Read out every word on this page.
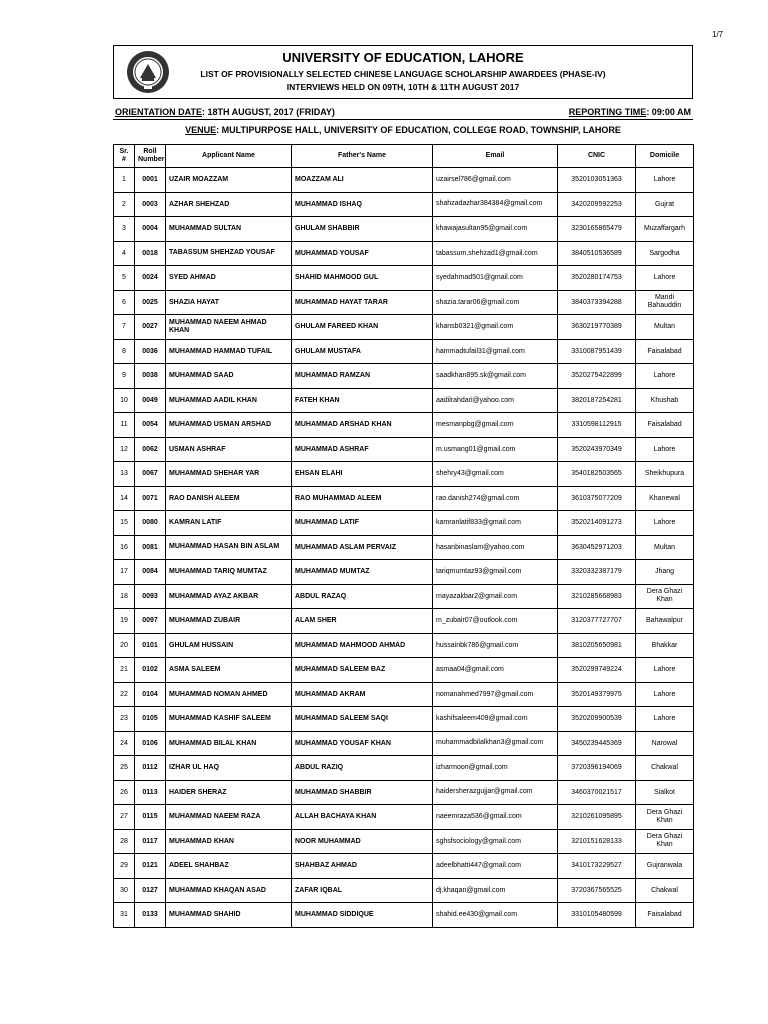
1/7
UNIVERSITY OF EDUCATION, LAHORE
LIST OF PROVISIONALLY SELECTED CHINESE LANGUAGE SCHOLARSHIP AWARDEES (PHASE-IV)
INTERVIEWS HELD ON 09TH, 10TH & 11TH AUGUST 2017
ORIENTATION DATE: 18TH AUGUST, 2017 (FRIDAY)	REPORTING TIME: 09:00 AM
VENUE: MULTIPURPOSE HALL, UNIVERSITY OF EDUCATION, COLLEGE ROAD, TOWNSHIP, LAHORE
Sr. #	Roll Number	Applicant Name	Father's Name	Email	CNIC	Domicile
1	0001	UZAIR MOAZZAM	MOAZZAM ALI	uzairsel786@gmail.com	3520103051363	Lahore
2	0003	AZHAR SHEHZAD	MUHAMMAD ISHAQ	shahzadazhar384384@gmail.com	3420209592253	Gujrat
3	0004	MUHAMMAD SULTAN	GHULAM SHABBIR	khawajasultan95@gmail.com	3230165865479	Muzaffargarh
4	0018	TABASSUM SHEHZAD YOUSAF	MUHAMMAD YOUSAF	tabassum.shehzad1@gmail.com	3840510536589	Sargodha
5	0024	SYED AHMAD	SHAHID MAHMOOD GUL	syedahmad501@gmail.com	3520280174753	Lahore
6	0025	SHAZIA HAYAT	MUHAMMAD HAYAT TARAR	shazia.tarar06@gmail.com	3840373394288	Mandi Bahauddin
7	0027	MUHAMMAD NAEEM AHMAD KHAN	GHULAM FAREED KHAN	khansb0321@gmail.com	3630219770389	Multan
8	0036	MUHAMMAD HAMMAD TUFAIL	GHULAM MUSTAFA	hammadtufail31@gmail.com	3310087951439	Faisalabad
9	0038	MUHAMMAD SAAD	MUHAMMAD RAMZAN	saadkhan895.sk@gmail.com	3520275422899	Lahore
10	0049	MUHAMMAD AADIL KHAN	FATEH KHAN	aadilrahdari@yahoo.com	3820187254281	Khushab
11	0054	MUHAMMAD USMAN ARSHAD	MUHAMMAD ARSHAD KHAN	mesmanpbg@gmail.com	3310598112915	Faisalabad
12	0062	USMAN ASHRAF	MUHAMMAD ASHRAF	m.usmang01@gmail.com	3520243970349	Lahore
13	0067	MUHAMMAD SHEHAR YAR	EHSAN ELAHI	shehry43@gmail.com	3540182503565	Sheikhupura
14	0071	RAO DANISH ALEEM	RAO MUHAMMAD ALEEM	rao.danish274@gmail.com	3610375077209	Khanewal
15	0080	KAMRAN LATIF	MUHAMMAD LATIF	kamranlatif833@gmail.com	3520214091273	Lahore
16	0081	MUHAMMAD HASAN BIN ASLAM	MUHAMMAD ASLAM PERVAIZ	hasanbinaslam@yahoo.com	3630452971203	Multan
17	0084	MUHAMMAD TARIQ MUMTAZ	MUHAMMAD MUMTAZ	tariqmumtaz93@gmail.com	3320332387179	Jhang
18	0093	MUHAMMAD AYAZ AKBAR	ABDUL RAZAQ	mayazakbar2@gmail.com	3210285668983	Dera Ghazi Khan
19	0097	MUHAMMAD ZUBAIR	ALAM SHER	m_zubair07@outlook.com	3120377727707	Bahawalpur
20	0101	GHULAM HUSSAIN	MUHAMMAD MAHMOOD AHMAD	hussainbk786@gmail.com	3810205650981	Bhakkar
21	0102	ASMA SALEEM	MUHAMMAD SALEEM BAZ	asmaa04@gmail.com	3520299749224	Lahore
22	0104	MUHAMMAD NOMAN AHMED	MUHAMMAD AKRAM	nomanahmed7997@gmail.com	3520149379975	Lahore
23	0105	MUHAMMAD KASHIF SALEEM	MUHAMMAD SALEEM SAQI	kashifsaleem409@gmail.com	3520209900539	Lahore
24	0106	MUHAMMAD BILAL KHAN	MUHAMMAD YOUSAF KHAN	muhammadbilalkhan3@gmail.com	3450239445369	Narowal
25	0112	IZHAR UL HAQ	ABDUL RAZIQ	izharmoon@gmail.com	3720396194069	Chakwal
26	0113	HAIDER SHERAZ	MUHAMMAD SHABBIR	haidersherazgujjar@gmail.com	3460370021517	Sialkot
27	0115	MUHAMMAD NAEEM RAZA	ALLAH BACHAYA KHAN	naeemraza536@gmail.com	3210261095895	Dera Ghazi Khan
28	0117	MUHAMMAD KHAN	NOOR MUHAMMAD	sghsfsociology@gmail.com	3210151628133	Dera Ghazi Khan
29	0121	ADEEL SHAHBAZ	SHAHBAZ AHMAD	adeelbhatti447@gmail.com	3410173229527	Gujranwala
30	0127	MUHAMMAD KHAQAN ASAD	ZAFAR IQBAL	dj.khaqan@gmail.com	3720367565525	Chakwal
31	0133	MUHAMMAD SHAHID	MUHAMMAD SIDDIQUE	shahid.ee430@gmail.com	3310105480599	Faisalabad
